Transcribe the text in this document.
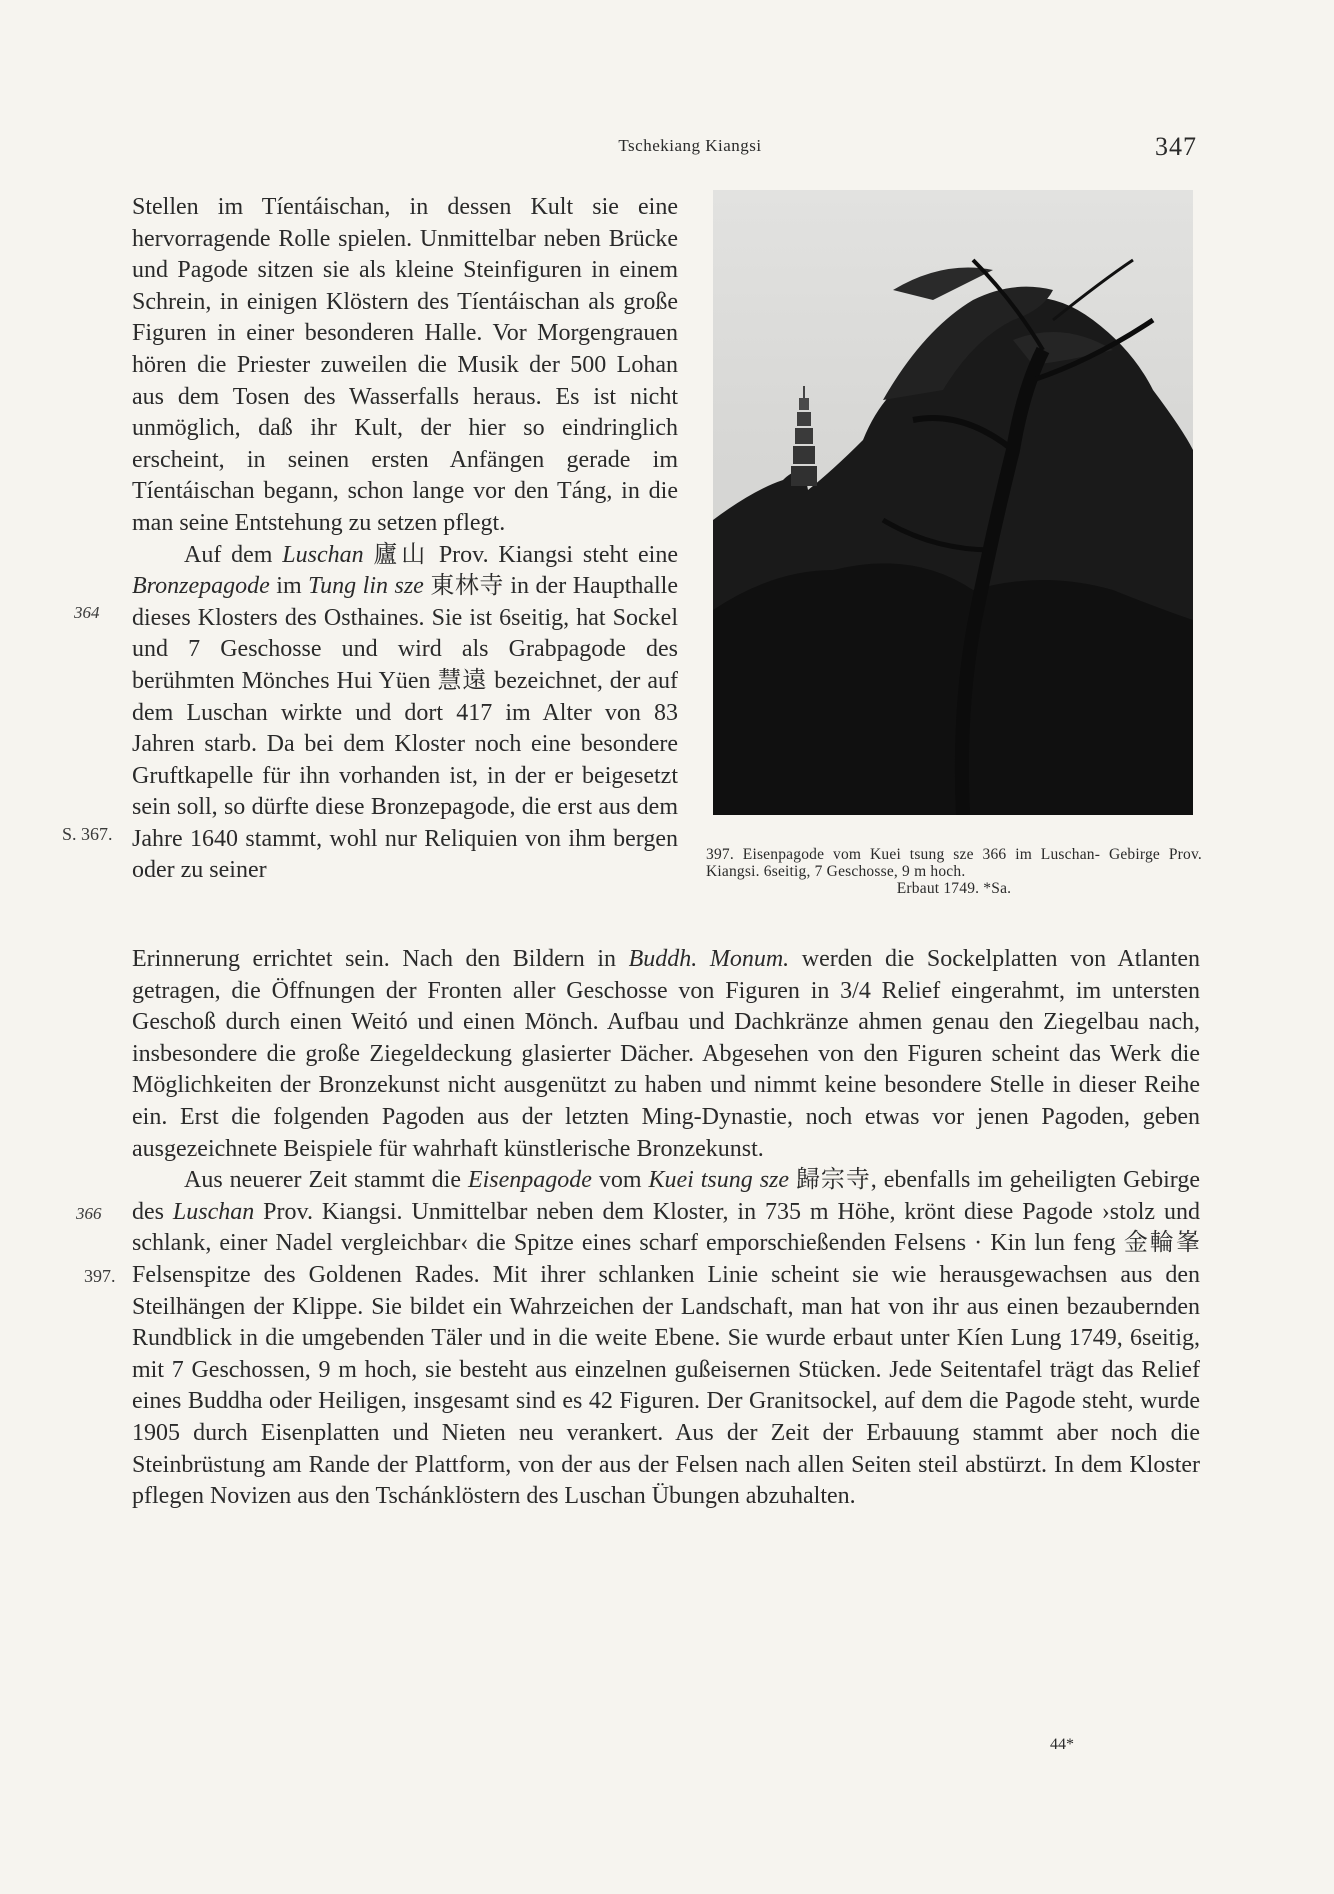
Tschekiang Kiangsi	347
397. Eisenpagode vom Kuei tsung sze 366 im Luschan- Gebirge Prov. Kiangsi. 6seitig, 7 Geschosse, 9 m hoch.
Erbaut 1749. *Sa.

Stellen im Tíentáischan, in dessen Kult sie eine hervorragende Rolle spielen. Unmittelbar neben Brücke und Pagode sitzen sie als kleine Steinfiguren in einem Schrein, in einigen Klöstern des Tíentáischan als große Figuren in einer besonderen Halle. Vor Morgengrauen hören die Priester zuweilen die Musik der 500 Lohan aus dem Tosen des Wasserfalls heraus. Es ist nicht unmöglich, daß ihr Kult, der hier so eindringlich erscheint, in seinen ersten Anfängen gerade im Tíentáischan begann, schon lange vor den Táng, in die man seine Entstehung zu setzen pflegt.

Auf dem Luschan 廬山 Prov. Kiangsi steht eine Bronzepagode im Tung lin sze 東林寺 in der Haupthalle dieses Klosters des Osthaines. Sie ist 6seitig, hat Sockel und 7 Geschosse und wird als Grabpagode des berühmten Mönches Hui Yüen 慧遠 bezeichnet, der auf dem Luschan wirkte und dort 417 im Alter von 83 Jahren starb. Da bei dem Kloster noch eine besondere Gruftkapelle für ihn vorhanden ist, in der er beigesetzt sein soll, so dürfte diese Bronzepagode, die erst aus dem Jahre 1640 stammt, wohl nur Reliquien von ihm bergen oder zu seiner

Erinnerung errichtet sein. Nach den Bildern in Buddh. Monum. werden die Sockelplatten von Atlanten getragen, die Öffnungen der Fronten aller Geschosse von Figuren in 3/4 Relief eingerahmt, im untersten Geschoß durch einen Weitó und einen Mönch. Aufbau und Dachkränze ahmen genau den Ziegelbau nach, insbesondere die große Ziegeldeckung glasierter Dächer. Abgesehen von den Figuren scheint das Werk die Möglichkeiten der Bronzekunst nicht ausgenützt zu haben und nimmt keine besondere Stelle in dieser Reihe ein. Erst die folgenden Pagoden aus der letzten Ming-Dynastie, noch etwas vor jenen Pagoden, geben ausgezeichnete Beispiele für wahrhaft künstlerische Bronzekunst.

Aus neuerer Zeit stammt die Eisenpagode vom Kuei tsung sze 歸宗寺, ebenfalls im geheiligten Gebirge des Luschan Prov. Kiangsi. Unmittelbar neben dem Kloster, in 735 m Höhe, krönt diese Pagode ›stolz und schlank, einer Nadel vergleichbar‹ die Spitze eines scharf emporschießenden Felsens · Kin lun feng 金輪峯 Felsenspitze des Goldenen Rades. Mit ihrer schlanken Linie scheint sie wie herausgewachsen aus den Steilhängen der Klippe. Sie bildet ein Wahrzeichen der Landschaft, man hat von ihr aus einen bezaubernden Rundblick in die umgebenden Täler und in die weite Ebene. Sie wurde erbaut unter Kíen Lung 1749, 6seitig, mit 7 Geschossen, 9 m hoch, sie besteht aus einzelnen gußeisernen Stücken. Jede Seitentafel trägt das Relief eines Buddha oder Heiligen, insgesamt sind es 42 Figuren. Der Granitsockel, auf dem die Pagode steht, wurde 1905 durch Eisenplatten und Nieten neu verankert. Aus der Zeit der Erbauung stammt aber noch die Steinbrüstung am Rande der Plattform, von der aus der Felsen nach allen Seiten steil abstürzt. In dem Kloster pflegen Novizen aus den Tschánklöstern des Luschan Übungen abzuhalten.

364
S. 367.
366
397.
44*
